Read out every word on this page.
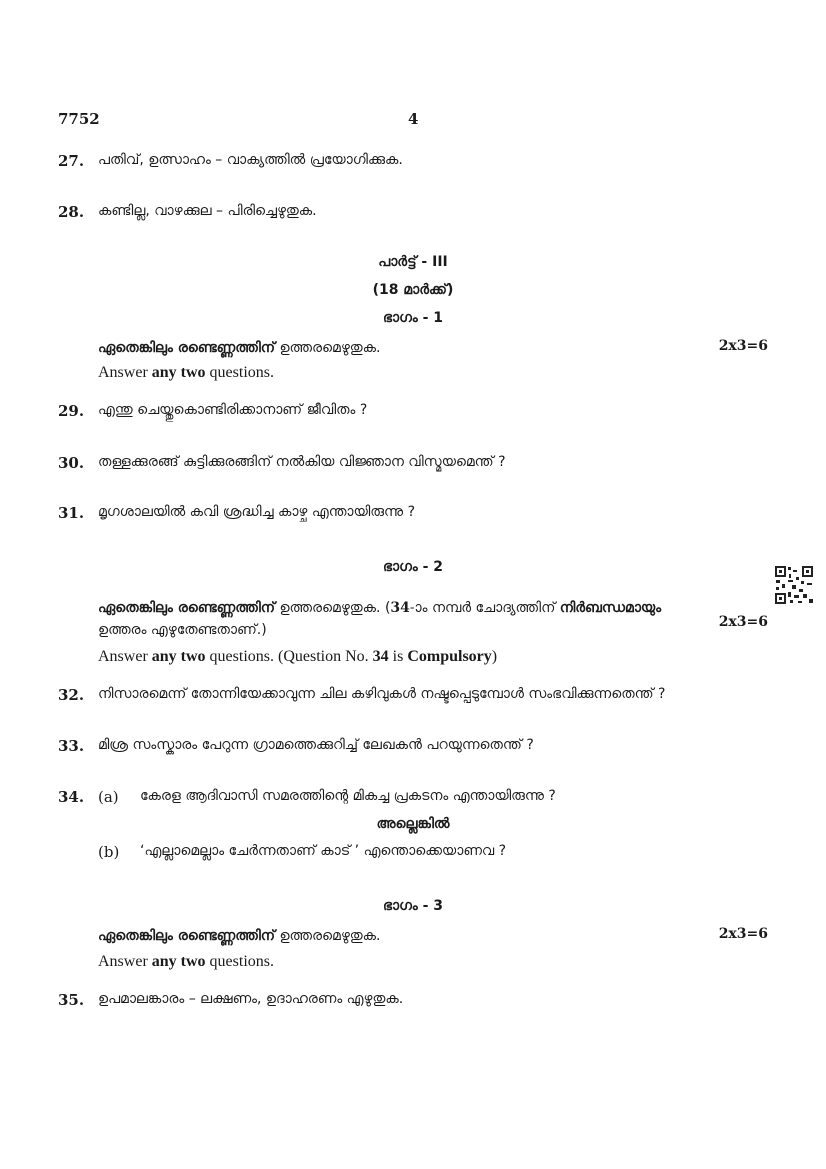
7752	4
27. പതിവ്, ഉത്സാഹം – വാക്യത്തിൽ പ്രയോഗിക്കുക.
28. കണ്ടില്ല, വാഴക്കുല – പിരിച്ചെഴുതുക.
പാർട്ട് - III
(18 മാർക്ക്)
ഭാഗം - 1
ഏതെങ്കിലും രണ്ടെണ്ണത്തിന് ഉത്തരമെഴുതുക.	2x3=6
Answer any two questions.
29. എന്തു ചെയ്തുകൊണ്ടിരിക്കാനാണ് ജീവിതം ?
30. തള്ളക്കുരങ്ങ് കുട്ടിക്കുരങ്ങിന് നൽകിയ വിജ്ഞാന വിസ്മയമെന്ത് ?
31. മൃഗശാലയിൽ കവി ശ്രദ്ധിച്ച കാഴ്ച എന്തായിരുന്നു ?
ഭാഗം - 2
ഏതെങ്കിലും രണ്ടെണ്ണത്തിന് ഉത്തരമെഴുതുക. (34-ാം നമ്പർ ചോദ്യത്തിന് നിർബന്ധമായും
ഉത്തരം എഴുതേണ്ടതാണ്.)	2x3=6
Answer any two questions. (Question No. 34 is Compulsory)
32. നിസാരമെന്ന് തോന്നിയേക്കാവുന്ന ചില കഴിവുകൾ നഷ്ടപ്പെടുമ്പോൾ സംഭവിക്കുന്നതെന്ത് ?
33. മിശ്ര സംസ്കാരം പേറുന്ന ഗ്രാമത്തെക്കുറിച്ച് ലേഖകൻ പറയുന്നതെന്ത് ?
34. (a) കേരള ആദിവാസി സമരത്തിന്റെ മികച്ച പ്രകടനം എന്തായിരുന്നു ?
അല്ലെങ്കിൽ
(b) ‘എല്ലാമെല്ലാം ചേർന്നതാണ് കാട് ’ എന്തൊക്കെയാണവ ?
ഭാഗം - 3
ഏതെങ്കിലും രണ്ടെണ്ണത്തിന് ഉത്തരമെഴുതുക.	2x3=6
Answer any two questions.
35. ഉപമാലങ്കാരം – ലക്ഷണം, ഉദാഹരണം എഴുതുക.
